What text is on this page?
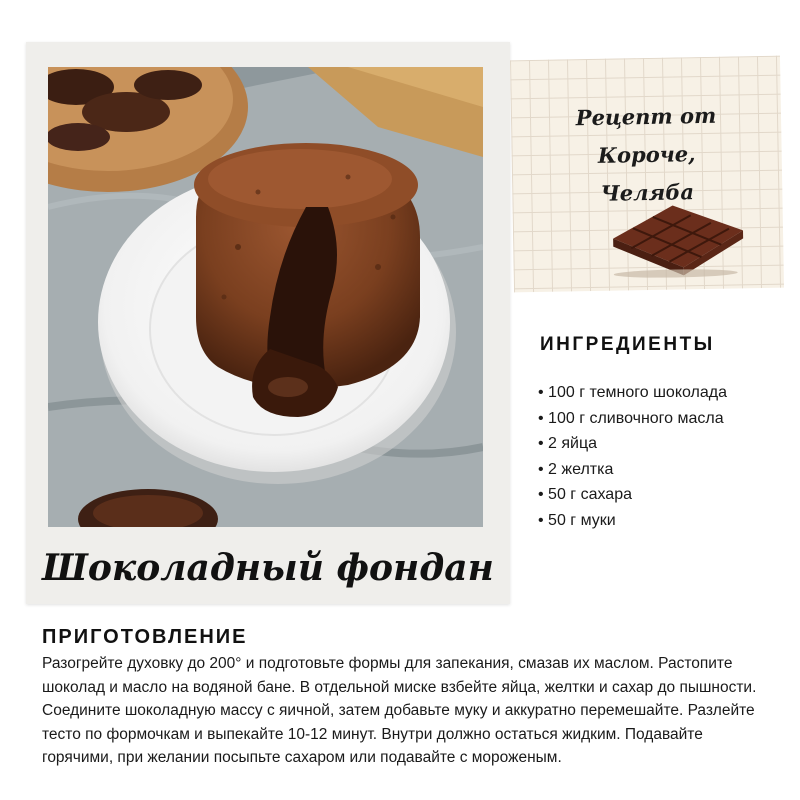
Шоколадный фондан
Рецепт от
Короче, Челяба
ИНГРЕДИЕНТЫ
• 100 г темного шоколада
• 100 г сливочного масла
• 2 яйца
• 2 желтка
• 50 г сахара
• 50 г муки
ПРИГОТОВЛЕНИЕ

Разогрейте духовку до 200° и подготовьте формы для запекания, смазав их маслом. Растопите шоколад и масло на водяной бане. В отдельной миске взбейте яйца, желтки и сахар до пышности. Соедините шоколадную массу с яичной, затем добавьте муку и аккуратно перемешайте. Разлейте тесто по формочкам и выпекайте 10-12 минут. Внутри должно остаться жидким. Подавайте горячими, при желании посыпьте сахаром или подавайте с мороженым.
